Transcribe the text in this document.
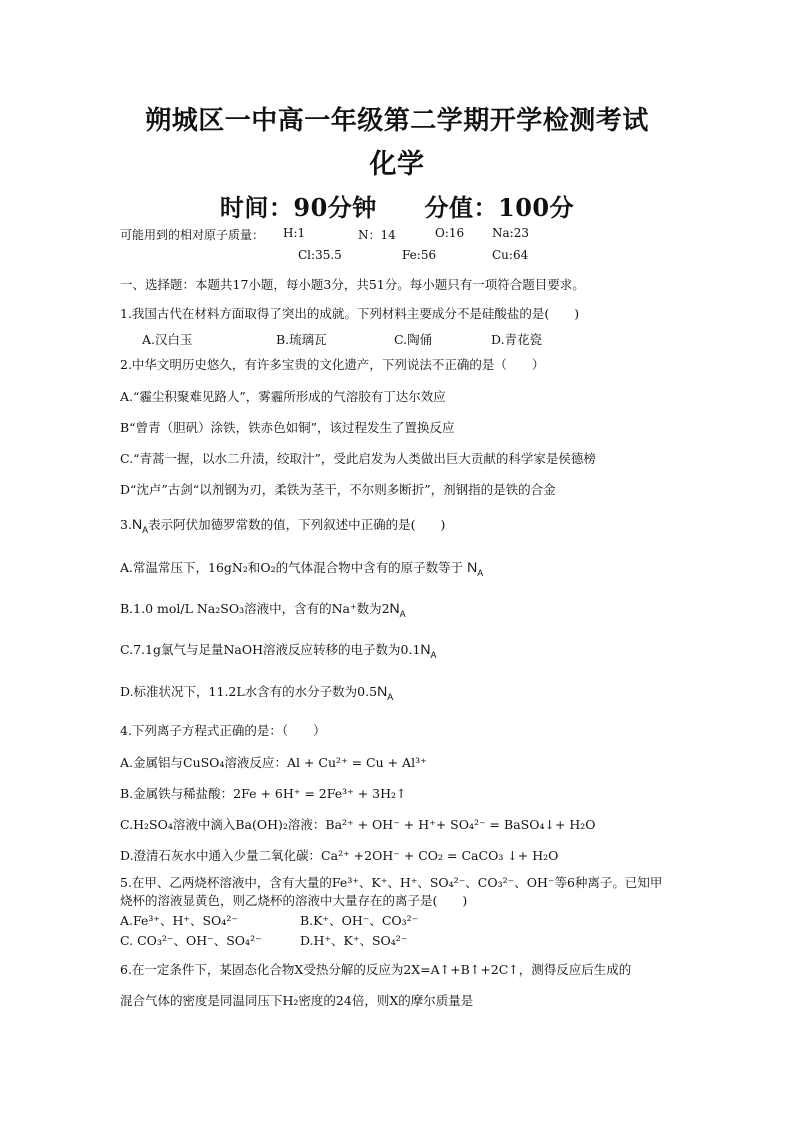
朔城区一中高一年级第二学期开学检测考试
化学
时间：90分钟 分值：100分
可能用到的相对原子质量： H:1	N：14	O:16 Na:23
Cl:35.5	Fe:56	Cu:64
一、选择题：本题共17小题，每小题3分，共51分。每小题只有一项符合题目要求。
1.我国古代在材料方面取得了突出的成就。下列材料主要成分不是硅酸盐的是(　　)
A.汉白玉	B.琉璃瓦	C.陶俑	D.青花瓷
2.中华文明历史悠久，有许多宝贵的文化遗产，下列说法不正确的是（　　）
A.“霾尘积聚难见路人”，雾霾所形成的气溶胶有丁达尔效应
B“曾青（胆矾）涂铁，铁赤色如铜”，该过程发生了置换反应
C.“青蒿一握，以水二升渍，绞取汁”，受此启发为人类做出巨大贡献的科学家是侯德榜
D“沈卢”古剑“以剂钢为刃，柔铁为茎干，不尔则多断折”，剂钢指的是铁的合金
$3.N_A$表示阿伏加德罗常数的值，下列叙述中正确的是(　　)
A.常温常压下，16gN₂和O₂的气体混合物中含有的原子数等于 $N_A$
B.1.0 mol/L Na₂SO₃溶液中，含有的Na⁺数为$2N_A$
C.7.1g氯气与足量NaOH溶液反应转移的电子数为$0.1N_A$
D.标准状况下，11.2L水含有的水分子数为$0.5N_A$
4.下列离子方程式正确的是：（　　）
A.金属铝与CuSO₄溶液反应：Al + Cu²⁺ = Cu + Al³⁺
B.金属铁与稀盐酸：2Fe + 6H⁺ = 2Fe³⁺ + 3H₂↑
C.H₂SO₄溶液中滴入Ba(OH)₂溶液：Ba²⁺ + OH⁻ + H⁺+ SO₄²⁻ = BaSO₄↓+ H₂O
D.澄清石灰水中通入少量二氧化碳：Ca²⁺ +2OH⁻ + CO₂ = CaCO₃ ↓+ H₂O
5.在甲、乙两烧杯溶液中，含有大量的Fe³⁺、K⁺、H⁺、SO₄²⁻、CO₃²⁻、OH⁻等6种离子。已知甲
烧杯的溶液显黄色，则乙烧杯的溶液中大量存在的离子是(　　)
A.Fe³⁺、H⁺、SO₄²⁻	B.K⁺、OH⁻、CO₃²⁻
C. CO₃²⁻、OH⁻、SO₄²⁻	D.H⁺、K⁺、SO₄²⁻
6.在一定条件下，某固态化合物X受热分解的反应为2X=A↑+B↑+2C↑，测得反应后生成的
混合气体的密度是同温同压下H₂密度的24倍，则X的摩尔质量是
